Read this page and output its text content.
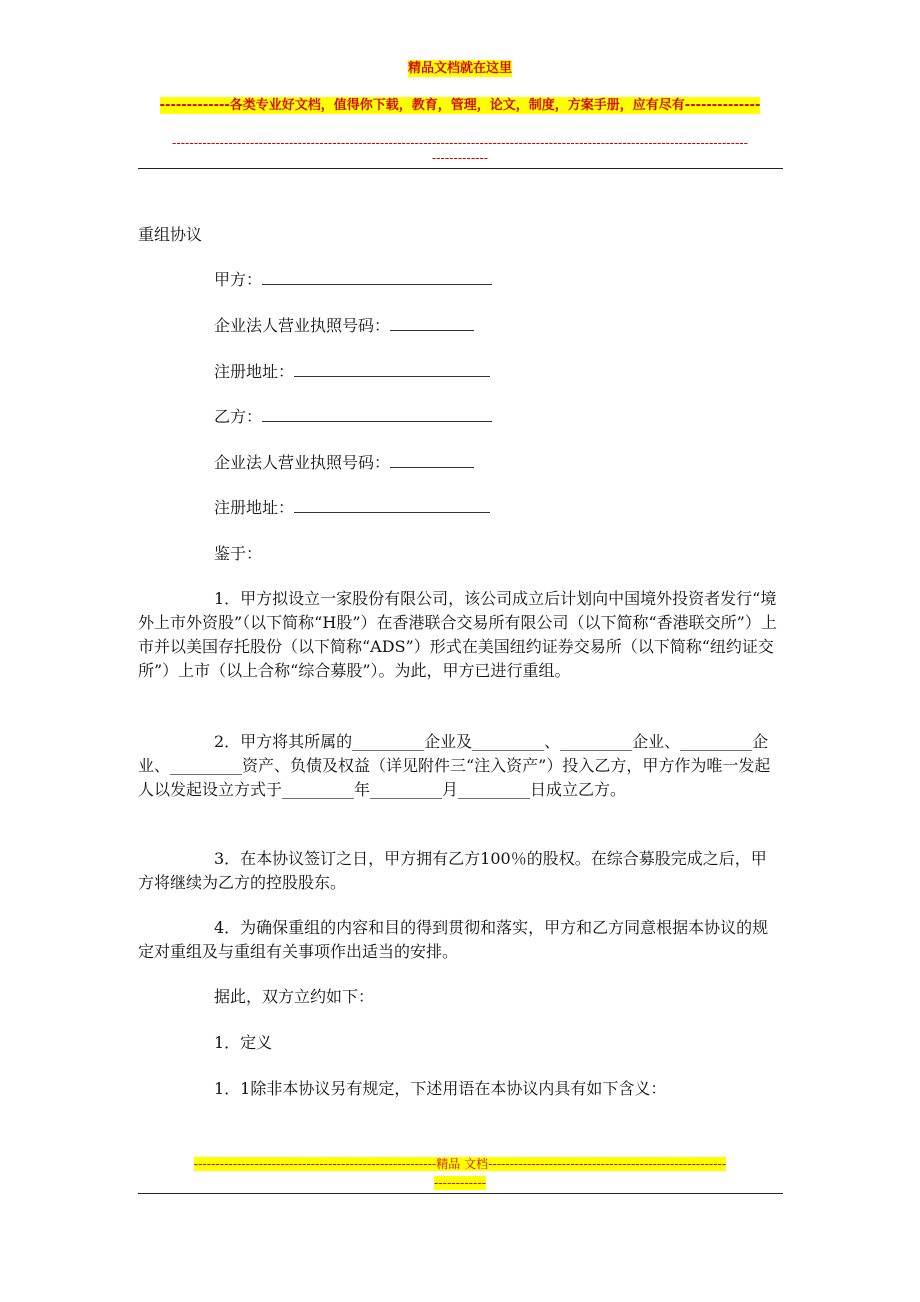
精品文档就在这里
-------------各类专业好文档，值得你下载，教育，管理，论文，制度，方案手册，应有尽有--------------
-------------------------------------------------------------------------------------------------------------------------------------
-------------

重组协议

甲方：
企业法人营业执照号码：
注册地址：
乙方：
企业法人营业执照号码：
注册地址：
鉴于：

1．甲方拟设立一家股份有限公司，该公司成立后计划向中国境外投资者发行“境外上市外资股”（以下简称“H股”）在香港联合交易所有限公司（以下简称“香港联交所”）上市并以美国存托股份（以下简称“ADS”）形式在美国纽约证券交易所（以下简称“纽约证交所”）上市（以上合称“综合募股”）。为此，甲方已进行重组。

2．甲方将其所属的_________企业及_________、_________企业、_________企业、_________资产、负债及权益（详见附件三“注入资产”）投入乙方，甲方作为唯一发起人以发起设立方式于_________年_________月_________日成立乙方。

3．在本协议签订之日，甲方拥有乙方100％的股权。在综合募股完成之后，甲方将继续为乙方的控股股东。

4．为确保重组的内容和目的得到贯彻和落实，甲方和乙方同意根据本协议的规定对重组及与重组有关事项作出适当的安排。

据此，双方立约如下：
1．定义
1．1除非本协议另有规定，下述用语在本协议内具有如下含义：
--------------------------------------------------------精品 文档-------------------------------------------------------
------------
